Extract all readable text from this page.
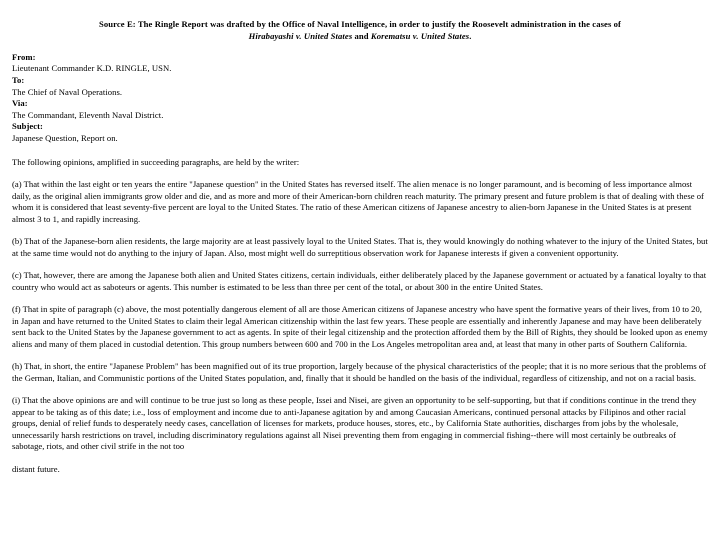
Source E: The Ringle Report was drafted by the Office of Naval Intelligence, in order to justify the Roosevelt administration in the cases of Hirabayashi v. United States and Korematsu v. United States.
From:
Lieutenant Commander K.D. RINGLE, USN.
To:
The Chief of Naval Operations.
Via:
The Commandant, Eleventh Naval District.
Subject:
Japanese Question, Report on.

The following opinions, amplified in succeeding paragraphs, are held by the writer:

(a) That within the last eight or ten years the entire "Japanese question" in the United States has reversed itself. The alien menace is no longer paramount, and is becoming of less importance almost daily, as the original alien immigrants grow older and die, and as more and more of their American-born children reach maturity. The primary present and future problem is that of dealing with these of whom it is considered that least seventy-five percent are loyal to the United States. The ratio of these American citizens of Japanese ancestry to alien-born Japanese in the United States is at present almost 3 to 1, and rapidly increasing.

(b) That of the Japanese-born alien residents, the large majority are at least passively loyal to the United States. That is, they would knowingly do nothing whatever to the injury of the United States, but at the same time would not do anything to the injury of Japan. Also, most might well do surreptitious observation work for Japanese interests if given a convenient opportunity.

(c) That, however, there are among the Japanese both alien and United States citizens, certain individuals, either deliberately placed by the Japanese government or actuated by a fanatical loyalty to that country who would act as saboteurs or agents. This number is estimated to be less than three per cent of the total, or about 300 in the entire United States.

(f) That in spite of paragraph (c) above, the most potentially dangerous element of all are those American citizens of Japanese ancestry who have spent the formative years of their lives, from 10 to 20, in Japan and have returned to the United States to claim their legal American citizenship within the last few years. These people are essentially and inherently Japanese and may have been deliberately sent back to the United States by the Japanese government to act as agents. In spite of their legal citizenship and the protection afforded them by the Bill of Rights, they should be looked upon as enemy aliens and many of them placed in custodial detention. This group numbers between 600 and 700 in the Los Angeles metropolitan area and, at least that many in other parts of Southern California.

(h) That, in short, the entire "Japanese Problem" has been magnified out of its true proportion, largely because of the physical characteristics of the people; that it is no more serious that the problems of the German, Italian, and Communistic portions of the United States population, and, finally that it should be handled on the basis of the individual, regardless of citizenship, and not on a racial basis.

(i) That the above opinions are and will continue to be true just so long as these people, Issei and Nisei, are given an opportunity to be self-supporting, but that if conditions continue in the trend they appear to be taking as of this date; i.e., loss of employment and income due to anti-Japanese agitation by and among Caucasian Americans, continued personal attacks by Filipinos and other racial groups, denial of relief funds to desperately needy cases, cancellation of licenses for markets, produce houses, stores, etc., by California State authorities, discharges from jobs by the wholesale, unnecessarily harsh restrictions on travel, including discriminatory regulations against all Nisei preventing them from engaging in commercial fishing--there will most certainly be outbreaks of sabotage, riots, and other civil strife in the not too

distant future.
